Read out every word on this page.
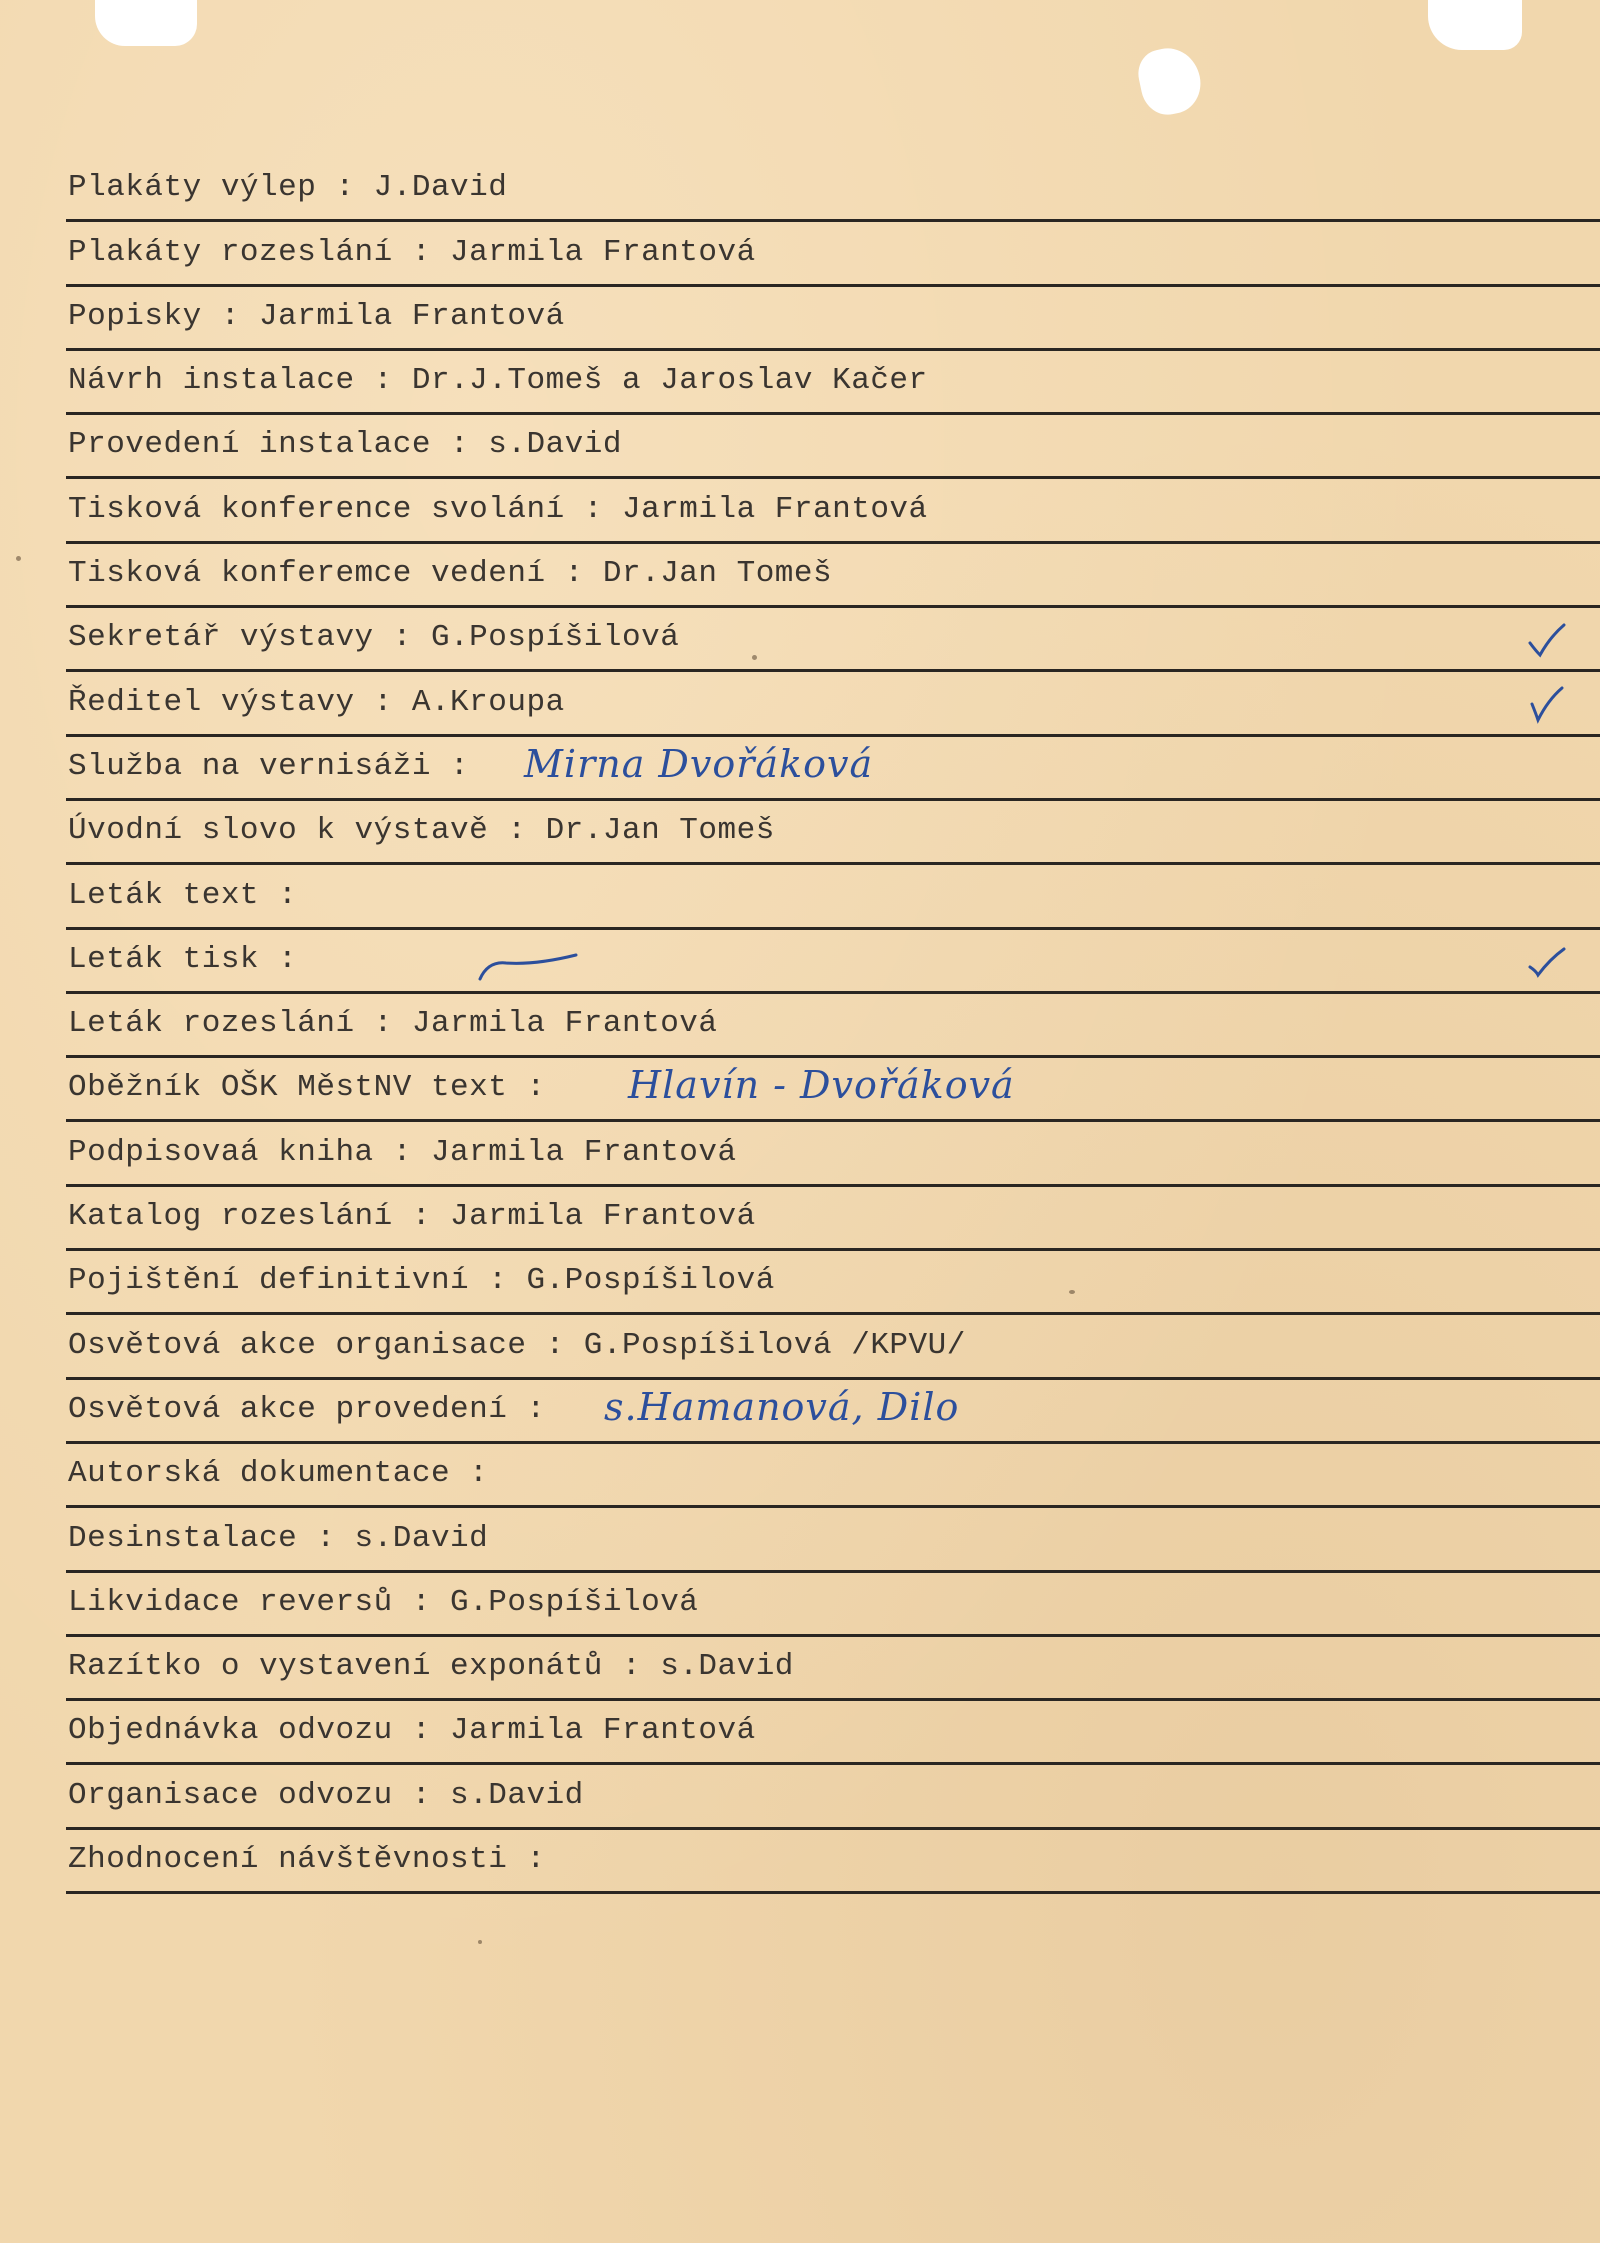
Plakáty výlep : J.David
Plakáty rozeslání : Jarmila Frantová
Popisky : Jarmila Frantová
Návrh instalace : Dr.J.Tomeš a Jaroslav Kačer
Provedení instalace : s.David
Tisková konference svolání : Jarmila Frantová
Tisková konferemce vedení : Dr.Jan Tomeš
Sekretář výstavy : G.Pospíšilová
Ředitel výstavy : A.Kroupa
Služba na vernisáži : Mirna Dvořáková
Úvodní slovo k výstavě : Dr.Jan Tomeš
Leták text :
Leták tisk :
Leták rozeslání : Jarmila Frantová
Oběžník OŠK MěstNV text : Hlavín - Dvořáková
Podpisovaá kniha : Jarmila Frantová
Katalog rozeslání : Jarmila Frantová
Pojištění definitivní : G.Pospíšilová
Osvětová akce organisace : G.Pospíšilová /KPVU/
Osvětová akce provedení : s.Hamanová, Dilo
Autorská dokumentace :
Desinstalace : s.David
Likvidace reversů : G.Pospíšilová
Razítko o vystavení exponátů : s.David
Objednávka odvozu : Jarmila Frantová
Organisace odvozu : s.David
Zhodnocení návštěvnosti :
